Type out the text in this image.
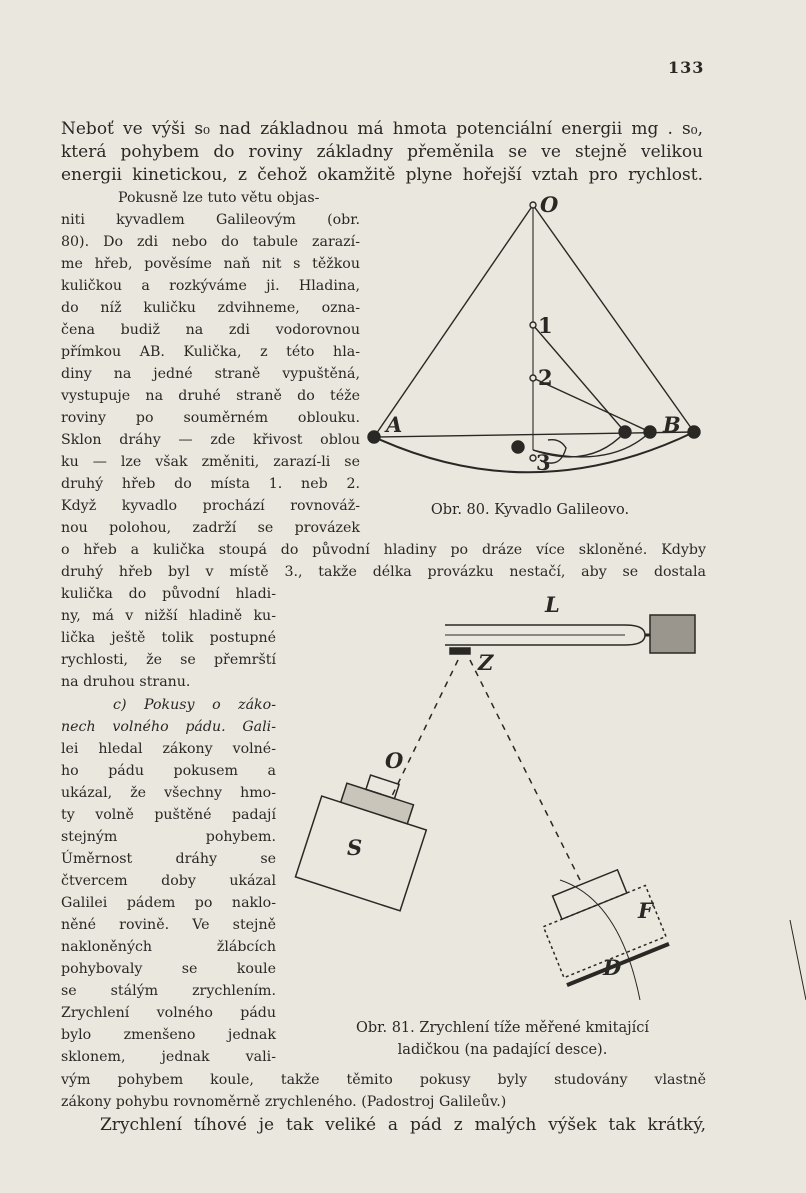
133
Neboť ve výši s₀ nad základnou má hmota potenciální energii mg . s₀,
která pohybem do roviny základny přeměnila se ve stejně velikou
energii kinetickou, z čehož okamžitě plyne hořejší vztah pro rychlost.
Pokusně lze tuto větu objas-
niti kyvadlem Galileovým (obr.
80). Do zdi nebo do tabule zarazí-
me hřeb, pověsíme naň nit s těžkou
kuličkou a rozkýváme ji. Hladina,
do níž kuličku zdvihneme, ozna-
čena budiž na zdi vodorovnou
přímkou AB. Kulička, z této hla-
diny na jedné straně vypuštěná,
vystupuje na druhé straně do téže
roviny po souměrném oblouku.
Sklon dráhy — zde křivost oblou
ku — lze však změniti, zarazí-li se
druhý hřeb do místa 1. neb 2.
Když kyvadlo prochází rovnováž-
nou polohou, zadrží se provázek
Obr. 80. Kyvadlo Galileovo.
o hřeb a kulička stoupá do původní hladiny po dráze více skloněné. Kdyby
druhý hřeb byl v místě 3., takže délka provázku nestačí, aby se dostala
kulička do původní hladi-
ny, má v nižší hladině ku-
lička ještě tolik postupné
rychlosti, že se přemrští
na druhou stranu.
c) Pokusy o záko-
nech volného pádu. Gali-
lei hledal zákony volné-
ho pádu pokusem a
ukázal, že všechny hmo-
ty volně puštěné padají
stejným pohybem.
Úměrnost dráhy se
čtvercem doby ukázal
Galilei pádem po naklo-
něné rovině. Ve stejně
nakloněných žlábcích
pohybovaly se koule
se stálým zrychlením.
Zrychlení volného pádu
bylo zmenšeno jednak
sklonem, jednak vali-
Obr. 81. Zrychlení tíže měřené kmitající
ladičkou (na padající desce).
vým pohybem koule, takže těmito pokusy byly studovány vlastně
zákony pohybu rovnoměrně zrychleného. (Padostroj Galileův.)
Zrychlení tíhové je tak veliké a pád z malých výšek tak krátký,
O
A	B
1
2
3
L
Z
O
S
F
D
